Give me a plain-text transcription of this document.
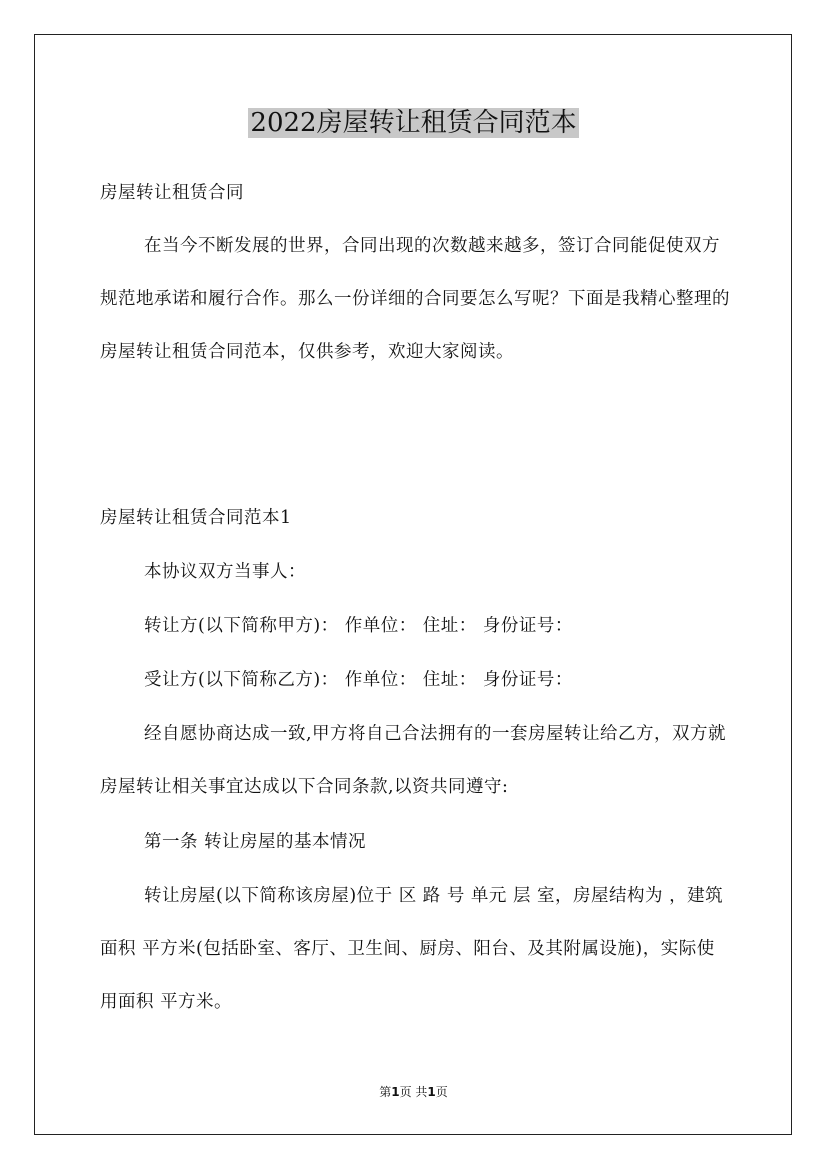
2022房屋转让租赁合同范本

房屋转让租赁合同

在当今不断发展的世界，合同出现的次数越来越多，签订合同能促使双方规范地承诺和履行合作。那么一份详细的合同要怎么写呢？下面是我精心整理的房屋转让租赁合同范本，仅供参考，欢迎大家阅读。

房屋转让租赁合同范本1

本协议双方当事人：

转让方(以下简称甲方)： 作单位： 住址： 身份证号：

受让方(以下简称乙方)： 作单位： 住址： 身份证号：

经自愿协商达成一致,甲方将自己合法拥有的一套房屋转让给乙方，双方就房屋转让相关事宜达成以下合同条款,以资共同遵守:

第一条 转让房屋的基本情况

转让房屋(以下简称该房屋)位于 区 路 号 单元 层 室，房屋结构为 ，建筑面积 平方米(包括卧室、客厅、卫生间、厨房、阳台、及其附属设施)，实际使用面积 平方米。

第1页 共1页
